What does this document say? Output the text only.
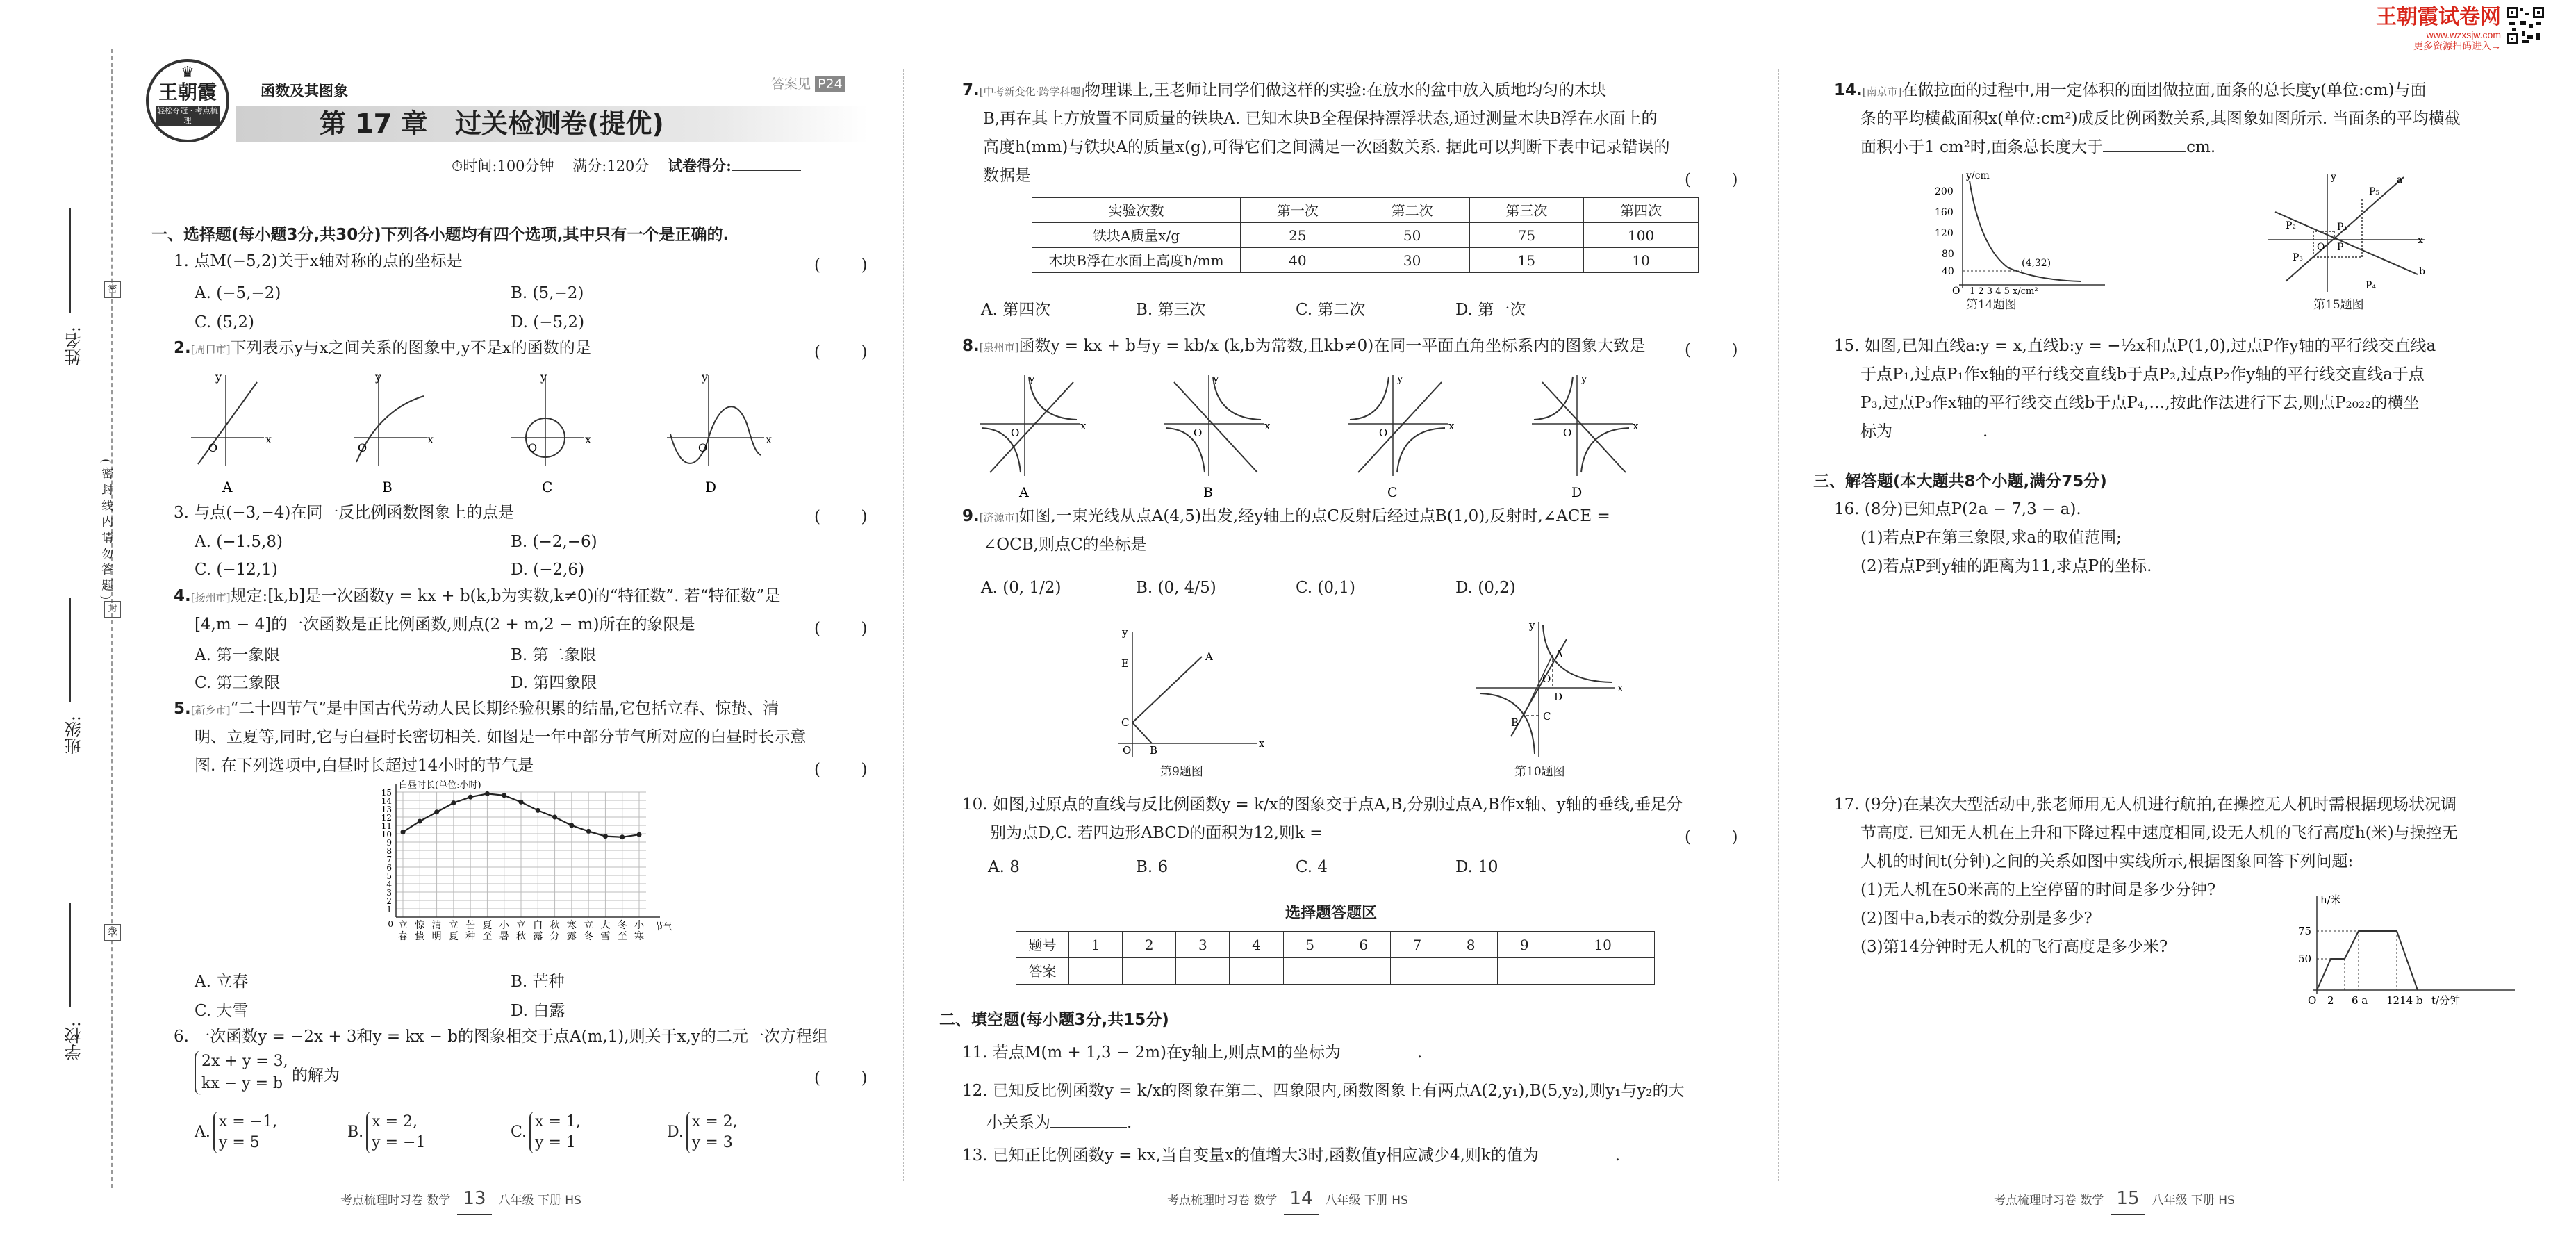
王朝霞试卷网
www.wzxsjw.com
更多资源扫码进入→
姓名:
班级:
学校:
(密封线内请勿答题)
密
封
线
♛
王朝霞
轻松夺冠 · 考点梳理
函数及其图象	答案见 P24
第 17 章 过关检测卷(提优)
⏱时间:100分钟 满分:120分 试卷得分:
一、选择题(每小题3分,共30分)下列各小题均有四个选项,其中只有一个是正确的.
1. 点M(−5,2)关于x轴对称的点的坐标是	(        )
A. (−5,−2)	B. (5,−2)
C. (5,2)	D. (−5,2)
2.[周口市]下列表示y与x之间关系的图象中,y不是x的函数的是	(        )
O
x
y
A
O
y
x
B
O
y
x
C
O
y
x
D
3. 与点(−3,−4)在同一反比例函数图象上的点是	(        )
A. (−1.5,8)	B. (−2,−6)
C. (−12,1)	D. (−2,6)
4.[扬州市]规定:[k,b]是一次函数y = kx + b(k,b为实数,k≠0)的“特征数”. 若“特征数”是
[4,m − 4]的一次函数是正比例函数,则点(2 + m,2 − m)所在的象限是	(        )
A. 第一象限	B. 第二象限
C. 第三象限	D. 第四象限
5.[新乡市]“二十四节气”是中国古代劳动人民长期经验积累的结晶,它包括立春、惊蛰、清
明、立夏等,同时,它与白昼时长密切相关. 如图是一年中部分节气所对应的白昼时长示意
图. 在下列选项中,白昼时长超过14小时的节气是	(        )
1
2
3
4
5
6
7
8
9
10
11
12
13
14
15
0
白昼时长(单位:小时)
节气
立春
惊蛰
清明
立夏
芒种
夏至
小暑
立秋
白露
秋分
寒露
立冬
大雪
冬至
小寒
A. 立春	B. 芒种
C. 大雪	D. 白露
6. 一次函数y = −2x + 3和y = kx − b的图象相交于点A(m,1),则关于x,y的二元一次方程组
2x + y = 3,
kx − y = b 的解为	(        )
A.
x = −1,
y = 5
B.
x = 2,
y = −1
C.
x = 1,
y = 1
D.
x = 2,
y = 3
考点梳理时习卷 数学 13 八年级 下册 HS
7.[中考新变化·跨学科题]物理课上,王老师让同学们做这样的实验:在放水的盆中放入质地均匀的木块
B,再在其上方放置不同质量的铁块A. 已知木块B全程保持漂浮状态,通过测量木块B浮在水面上的
高度h(mm)与铁块A的质量x(g),可得它们之间满足一次函数关系. 据此可以判断下表中记录错误的
数据是	(        )
实验次数	第一次	第二次	第三次	第四次
铁块A质量x/g	25	50	75	100
木块B浮在水面上高度h/mm	40	30	15	10
A. 第四次	B. 第三次	C. 第二次	D. 第一次
8.[泉州市]函数y = kx + b与y = kb/x (k,b为常数,且kb≠0)在同一平面直角坐标系内的图象大致是 (        )
O
x
y
A
O
x
y
B
O
x
y
C
O
x
y
D
9.[济源市]如图,一束光线从点A(4,5)出发,经y轴上的点C反射后经过点B(1,0),反射时,∠ACE =
∠OCB,则点C的坐标是
A. (0, 1/2)	B. (0, 4/5)	C. (0,1)	D. (0,2)
y
E
A
C
O B
x
第9题图
y
A
O
D
C
B
x
第10题图
10. 如图,过原点的直线与反比例函数y = k/x的图象交于点A,B,分别过点A,B作x轴、y轴的垂线,垂足分
别为点D,C. 若四边形ABCD的面积为12,则k =	(        )
A. 8	B. 6	C. 4	D. 10
选择题答题区
题号	1	2	3	4	5	6	7	8	9	10
答案										
二、填空题(每小题3分,共15分)
11. 若点M(m + 1,3 − 2m)在y轴上,则点M的坐标为	.
12. 已知反比例函数y = k/x的图象在第二、四象限内,函数图象上有两点A(2,y₁),B(5,y₂),则y₁与y₂的大
小关系为	.
13. 已知正比例函数y = kx,当自变量x的值增大3时,函数值y相应减少4,则k的值为	.
考点梳理时习卷 数学 14 八年级 下册 HS
14.[南京市]在做拉面的过程中,用一定体积的面团做拉面,面条的总长度y(单位:cm)与面
条的平均横截面积x(单位:cm²)成反比例函数关系,其图象如图所示. 当面条的平均横截
面积小于1 cm²时,面条总长度大于	cm.
y/cm
200
160
120
80
40
O 1 2 3 4 5 x/cm²
(4,32)
第14题图
y	a
P₅
P₂	P₁
O P
P₃
x
b
P₄
第15题图
15. 如图,已知直线a:y = x,直线b:y = −½x和点P(1,0),过点P作y轴的平行线交直线a
于点P₁,过点P₁作x轴的平行线交直线b于点P₂,过点P₂作y轴的平行线交直线a于点
P₃,过点P₃作x轴的平行线交直线b于点P₄,…,按此作法进行下去,则点P₂₀₂₂的横坐
标为	.
三、解答题(本大题共8个小题,满分75分)
16. (8分)已知点P(2a − 7,3 − a).
(1)若点P在第三象限,求a的取值范围;
(2)若点P到y轴的距离为11,求点P的坐标.
17. (9分)在某次大型活动中,张老师用无人机进行航拍,在操控无人机时需根据现场状况调
节高度. 已知无人机在上升和下降过程中速度相同,设无人机的飞行高度h(米)与操控无
人机的时间t(分钟)之间的关系如图中实线所示,根据图象回答下列问题:
(1)无人机在50米高的上空停留的时间是多少分钟?
(2)图中a,b表示的数分别是多少?
(3)第14分钟时无人机的飞行高度是多少米?
h/米
75
50
O 2 6 a 1214 b t/分钟
考点梳理时习卷 数学 15 八年级 下册 HS
